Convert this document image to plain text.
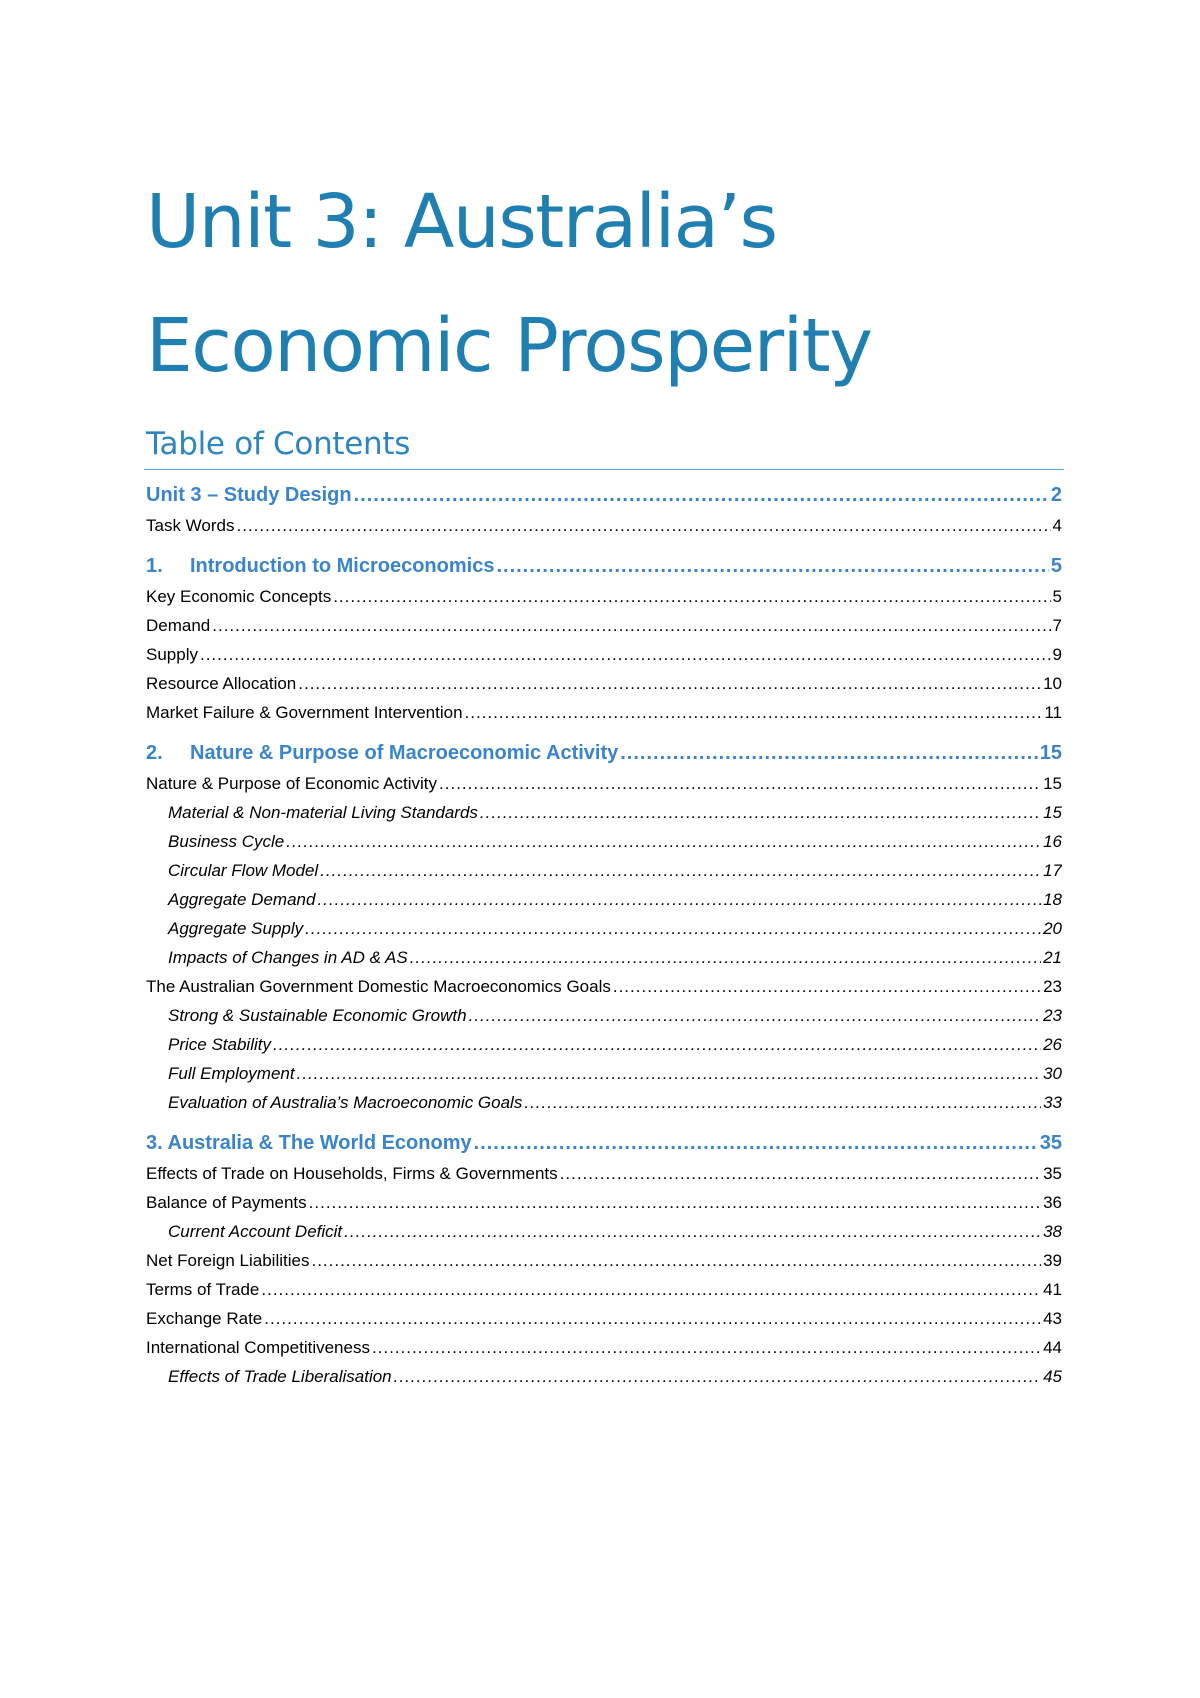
Unit 3: Australia’s
Economic Prosperity
Table of Contents
Unit 3 – Study Design .....	2
Task Words .....	4
1. Introduction to Microeconomics .....	5
Key Economic Concepts .....	5
Demand .....	7
Supply .....	9
Resource Allocation .....	10
Market Failure & Government Intervention .....	11
2. Nature & Purpose of Macroeconomic Activity .....	15
Nature & Purpose of Economic Activity .....	15
Material & Non-material Living Standards .....	15
Business Cycle .....	16
Circular Flow Model .....	17
Aggregate Demand .....	18
Aggregate Supply .....	20
Impacts of Changes in AD & AS .....	21
The Australian Government Domestic Macroeconomics Goals .....	23
Strong & Sustainable Economic Growth .....	23
Price Stability .....	26
Full Employment .....	30
Evaluation of Australia’s Macroeconomic Goals .....	33
3. Australia & The World Economy .....	35
Effects of Trade on Households, Firms & Governments .....	35
Balance of Payments .....	36
Current Account Deficit .....	38
Net Foreign Liabilities .....	39
Terms of Trade .....	41
Exchange Rate .....	43
International Competitiveness .....	44
Effects of Trade Liberalisation .....	45
